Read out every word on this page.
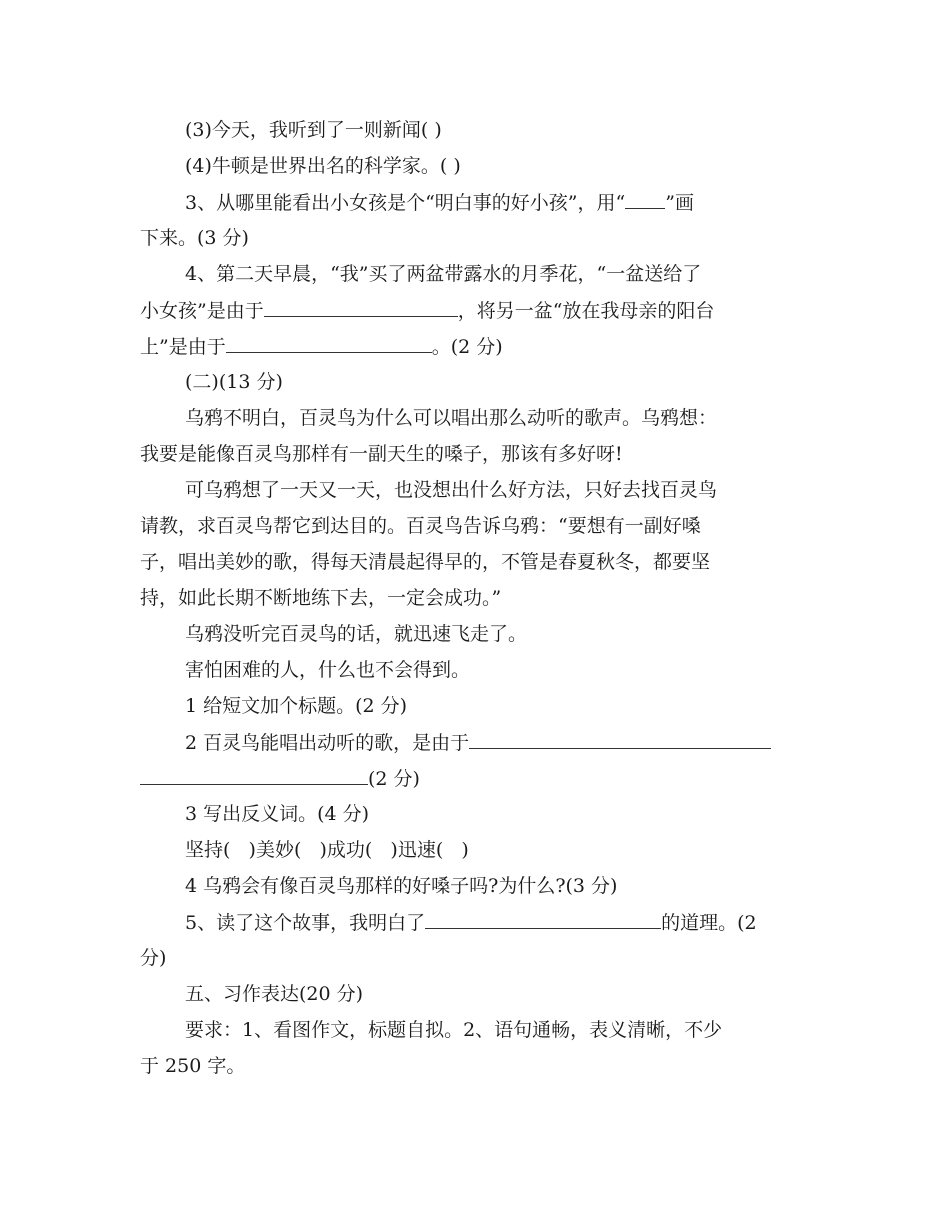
(3)今天，我听到了一则新闻( )
(4)牛顿是世界出名的科学家。( )
3、从哪里能看出小女孩是个“明白事的好小孩”，用“ ”画
下来。(3 分)
4、第二天早晨，“我”买了两盆带露水的月季花，“一盆送给了
小女孩”是由于	，将另一盆“放在我母亲的阳台
上”是由于	。(2 分)
(二)(13 分)
乌鸦不明白，百灵鸟为什么可以唱出那么动听的歌声。乌鸦想：
我要是能像百灵鸟那样有一副天生的嗓子，那该有多好呀!
可乌鸦想了一天又一天，也没想出什么好方法，只好去找百灵鸟
请教，求百灵鸟帮它到达目的。百灵鸟告诉乌鸦：“要想有一副好嗓
子，唱出美妙的歌，得每天清晨起得早的，不管是春夏秋冬，都要坚
持，如此长期不断地练下去，一定会成功。”
乌鸦没听完百灵鸟的话，就迅速飞走了。
害怕困难的人，什么也不会得到。
1 给短文加个标题。(2 分)
2 百灵鸟能唱出动听的歌，是由于
(2 分)
3 写出反义词。(4 分)
坚持(   )美妙(   )成功(   )迅速(   )
4 乌鸦会有像百灵鸟那样的好嗓子吗?为什么?(3 分)
5、读了这个故事，我明白了	的道理。(2
分)
五、习作表达(20 分)
要求：1、看图作文，标题自拟。2、语句通畅，表义清晰，不少
于 250 字。
